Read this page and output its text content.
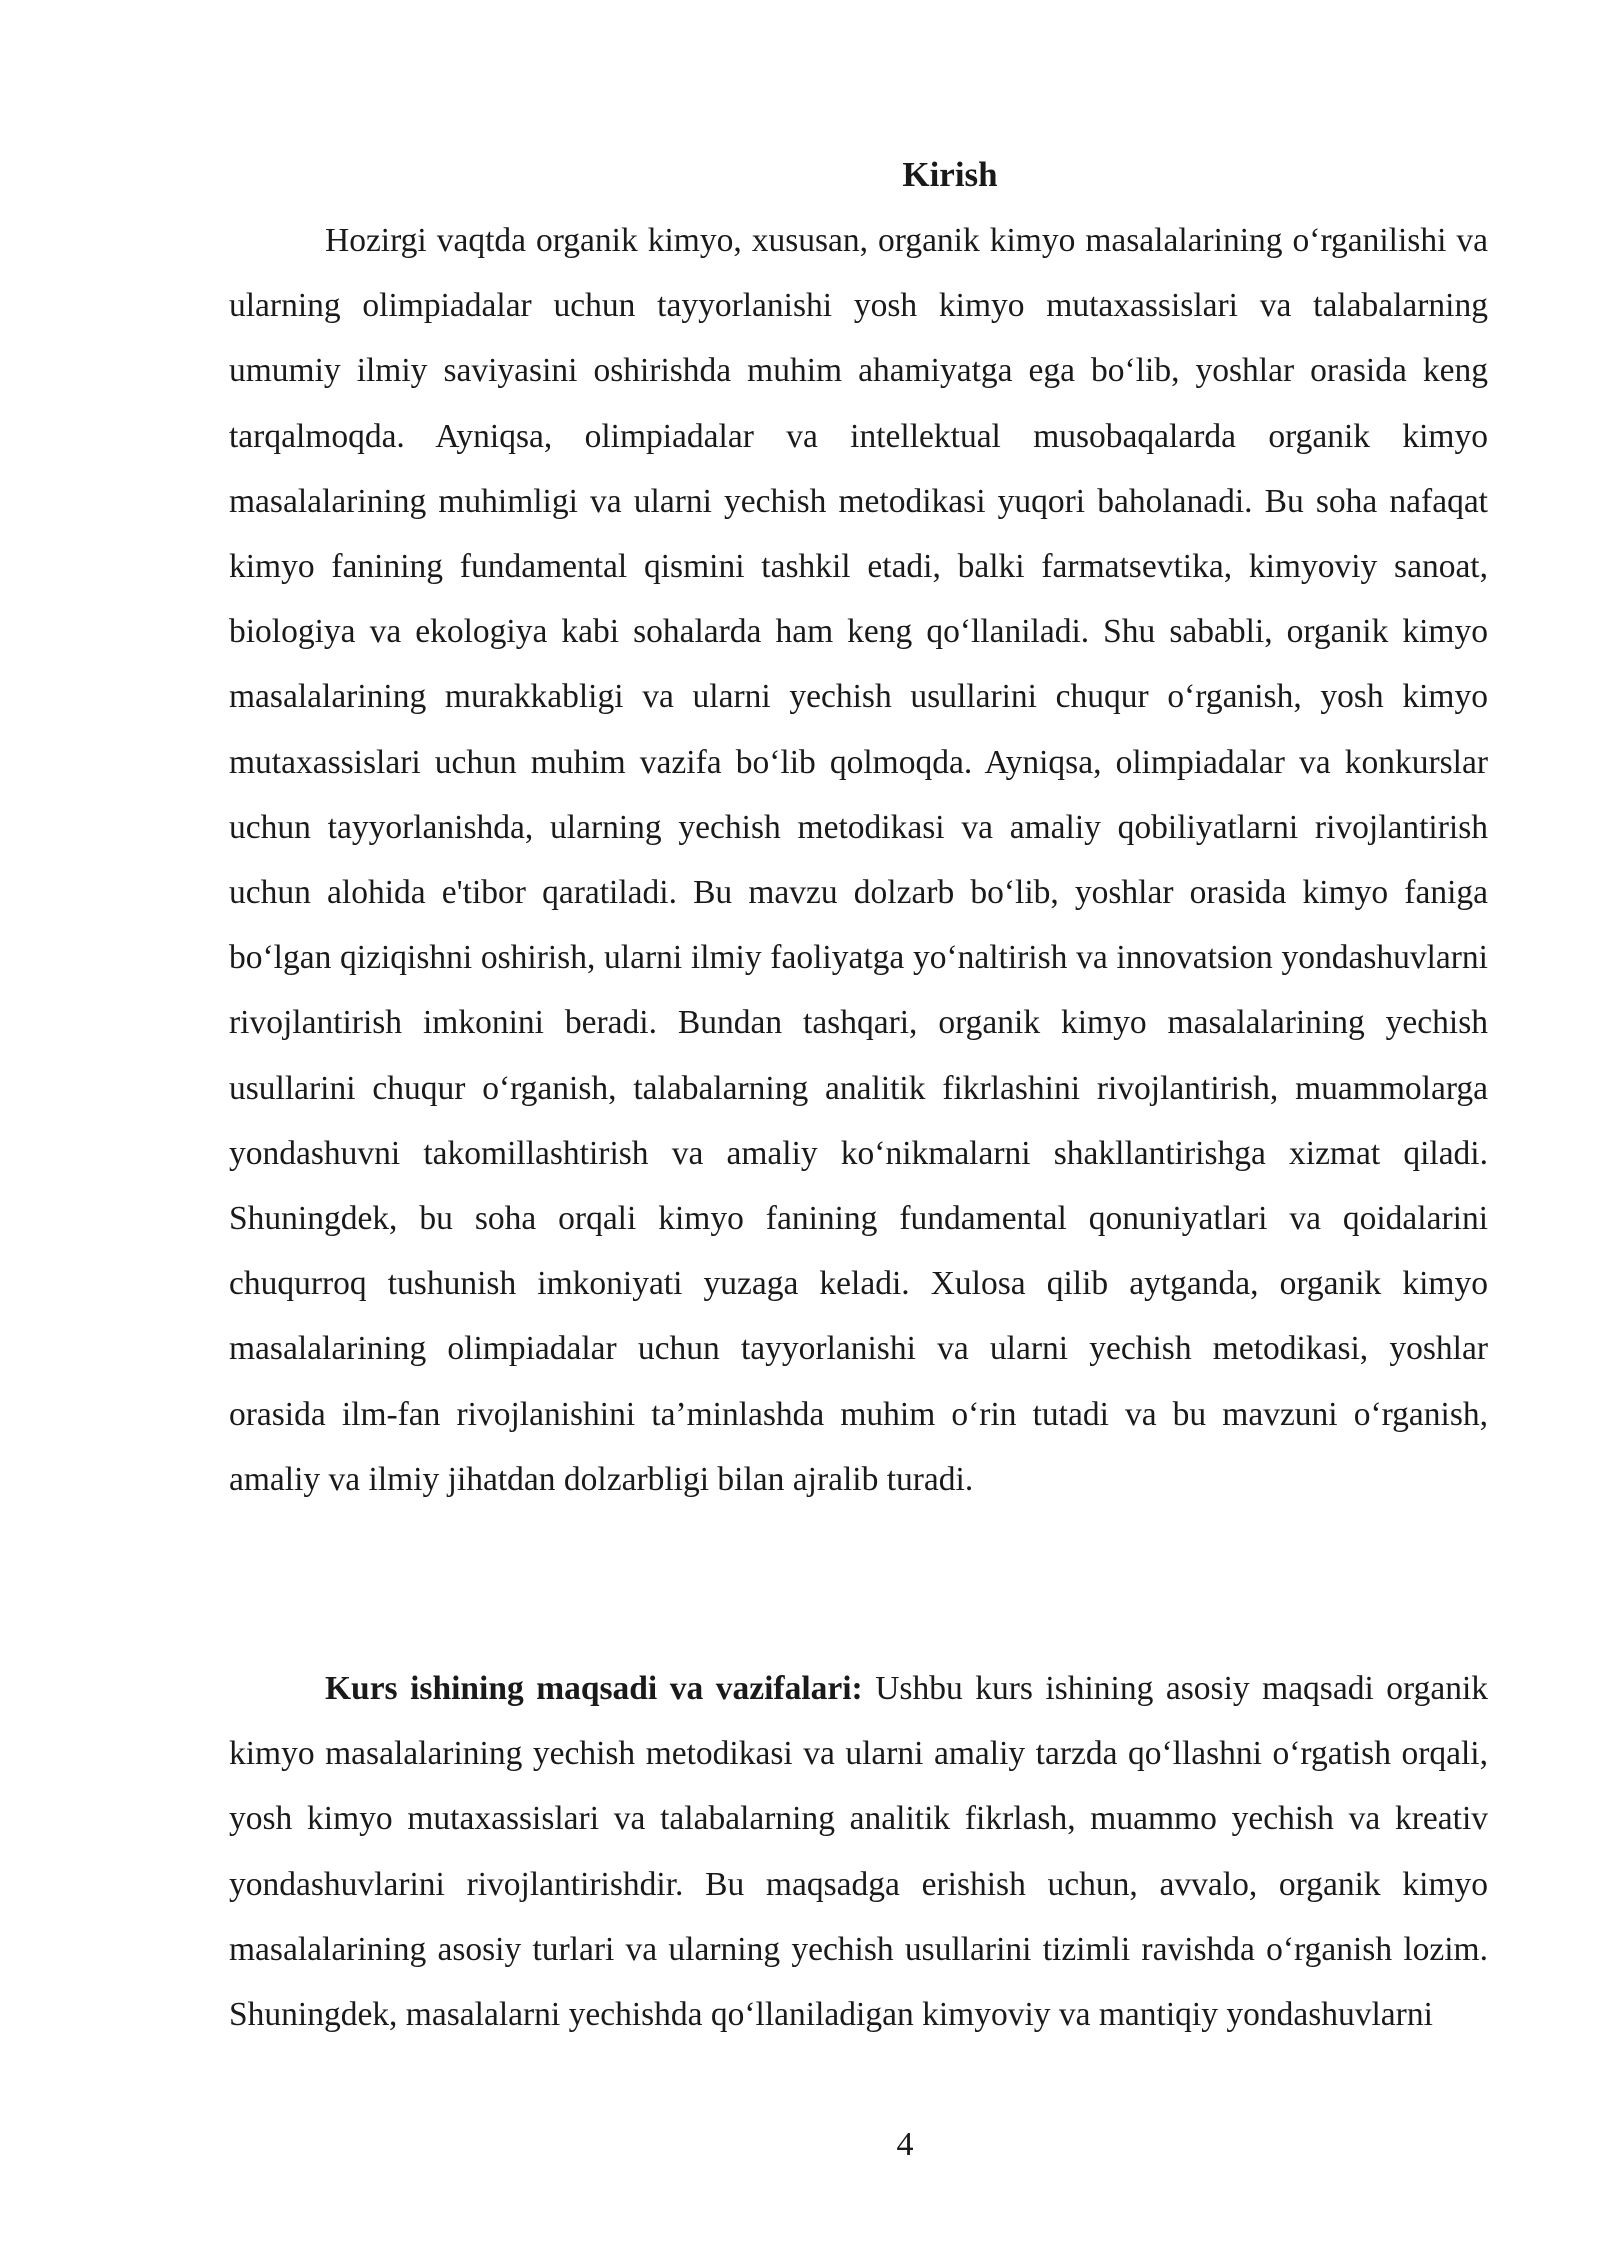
Kirish

Hozirgi vaqtda organik kimyo, xususan, organik kimyo masalalarining o‘rganilishi va ularning olimpiadalar uchun tayyorlanishi yosh kimyo mutaxassislari va talabalarning umumiy ilmiy saviyasini oshirishda muhim ahamiyatga ega bo‘lib, yoshlar orasida keng tarqalmoqda. Ayniqsa, olimpiadalar va intellektual musobaqalarda organik kimyo masalalarining muhimligi va ularni yechish metodikasi yuqori baholanadi. Bu soha nafaqat kimyo fanining fundamental qismini tashkil etadi, balki farmatsevtika, kimyoviy sanoat, biologiya va ekologiya kabi sohalarda ham keng qo‘llaniladi. Shu sababli, organik kimyo masalalarining murakkabligi va ularni yechish usullarini chuqur o‘rganish, yosh kimyo mutaxassislari uchun muhim vazifa bo‘lib qolmoqda. Ayniqsa, olimpiadalar va konkurslar uchun tayyorlanishda, ularning yechish metodikasi va amaliy qobiliyatlarni rivojlantirish uchun alohida e'tibor qaratiladi. Bu mavzu dolzarb bo‘lib, yoshlar orasida kimyo faniga bo‘lgan qiziqishni oshirish, ularni ilmiy faoliyatga yo‘naltirish va innovatsion yondashuvlarni rivojlantirish imkonini beradi. Bundan tashqari, organik kimyo masalalarining yechish usullarini chuqur o‘rganish, talabalarning analitik fikrlashini rivojlantirish, muammolarga yondashuvni takomillashtirish va amaliy ko‘nikmalarni shakllantirishga xizmat qiladi. Shuningdek, bu soha orqali kimyo fanining fundamental qonuniyatlari va qoidalarini chuqurroq tushunish imkoniyati yuzaga keladi. Xulosa qilib aytganda, organik kimyo masalalarining olimpiadalar uchun tayyorlanishi va ularni yechish metodikasi, yoshlar orasida ilm-fan rivojlanishini ta’minlashda muhim o‘rin tutadi va bu mavzuni o‘rganish, amaliy va ilmiy jihatdan dolzarbligi bilan ajralib turadi.

Kurs ishining maqsadi va vazifalari: Ushbu kurs ishining asosiy maqsadi organik kimyo masalalarining yechish metodikasi va ularni amaliy tarzda qo‘llashni o‘rgatish orqali, yosh kimyo mutaxassislari va talabalarning analitik fikrlash, muammo yechish va kreativ yondashuvlarini rivojlantirishdir. Bu maqsadga erishish uchun, avvalo, organik kimyo masalalarining asosiy turlari va ularning yechish usullarini tizimli ravishda o‘rganish lozim. Shuningdek, masalalarni yechishda qo‘llaniladigan kimyoviy va mantiqiy yondashuvlarni

4
